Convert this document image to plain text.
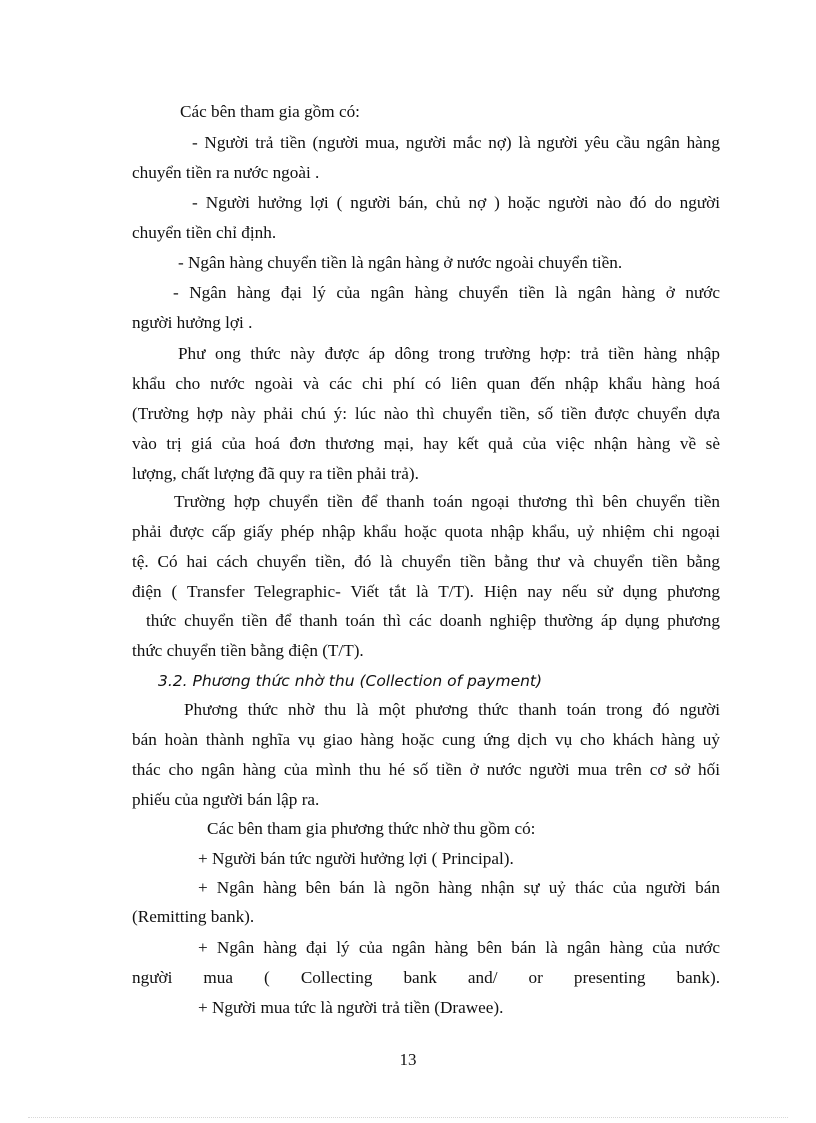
Các bên tham gia gồm có:
- Người trả tiền (người mua, người mắc nợ) là người yêu cầu ngân hàng
chuyển tiền ra nước ngoài .
- Người hưởng lợi ( người bán, chủ nợ ) hoặc người nào đó do người
chuyển tiền chỉ định.
- Ngân hàng chuyển tiền là ngân hàng ở nước ngoài chuyển tiền.
- Ngân hàng đại lý của ngân hàng chuyển tiền là ngân hàng ở nước
người hưởng lợi .
Phư ong thức này được áp dông trong trường hợp: trả tiền hàng nhập
khẩu cho nước ngoài và các chi phí có liên quan đến nhập khẩu hàng hoá
(Trường hợp này phải chú ý: lúc nào thì chuyển tiền, số tiền được chuyển dựa
vào trị giá của hoá đơn thương mại, hay kết quả của việc nhận hàng về sè
lượng, chất lượng đã quy ra tiền phải trả).
Trường hợp chuyển tiền để thanh toán ngoại thương thì bên chuyển tiền
phải được cấp giấy phép nhập khẩu hoặc quota nhập khẩu, uỷ nhiệm chi ngoại
tệ. Có hai cách chuyển tiền, đó là chuyển tiền bằng thư và chuyển tiền bằng
điện ( Transfer Telegraphic- Viết tắt là T/T). Hiện nay nếu sử dụng phương
thức chuyển tiền để thanh toán thì các doanh nghiệp thường áp dụng phương
thức chuyển tiền bằng điện (T/T).
3.2. Phương thức nhờ thu (Collection of payment)
Phương thức nhờ thu là một phương thức thanh toán trong đó người
bán hoàn thành nghĩa vụ giao hàng hoặc cung ứng dịch vụ cho khách hàng uỷ
thác cho ngân hàng của mình thu hé số tiền ở nước người mua trên cơ sở hối
phiếu của người bán lập ra.
Các bên tham gia phương thức nhờ thu gồm có:
+ Người bán tức người hưởng lợi ( Principal).
+ Ngân hàng bên bán là ngõn hàng nhận sự uỷ thác của người bán
(Remitting bank).
+ Ngân hàng đại lý của ngân hàng bên bán là ngân hàng của nước
người mua ( Collecting bank and/ or presenting bank).
+ Người mua tức là người trả tiền (Drawee).
13
